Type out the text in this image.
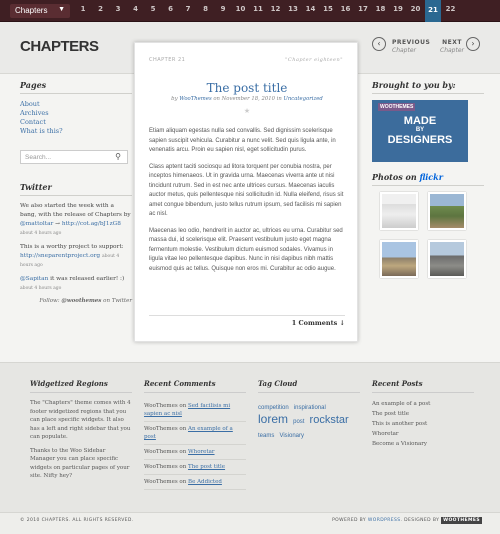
Chapters ▼	1	2	3	4	5	6	7	8	9	10	11	12	13	14	15	16	17	18	19	20	21	22
CHAPTERS	‹	PREVIOUS
Chapter
NEXT
Chapter
›
Pages
About
Archives
Contact
What is this?
Search...	⚲
Twitter

We also started the week with a bang, with the release of Chapters by @mattoltar → http://cot.ag/bJ1zG8 about 4 hours ago

This is a worthy project to support: http://sneparentproject.org about 4 hours ago

@Sapitan it was released earlier! :) about 4 hours ago

Follow: @woothemes on Twitter
CHAPTER 21	"Chapter eighteen"
The post title
by WooThemes on November 18, 2010 in Uncategorized
★

Etiam aliquam egestas nulla sed convallis. Sed dignissim scelerisque sapien suscipit vehicula. Curabitur a nunc velit. Sed quis ligula ante, in venenatis arcu. Proin eu sapien nisl, eget sollicitudin purus.

Class aptent taciti sociosqu ad litora torquent per conubia nostra, per inceptos himenaeos. Ut in gravida urna. Maecenas viverra ante ut nisi tincidunt rutrum. Sed in est nec ante ultrices cursus. Maecenas iaculis auctor metus, quis pellentesque nisi sollicitudin id. Nulla eleifend, risus sit amet congue bibendum, justo tellus rutrum ipsum, sed facilisis mi sapien ac nisl.

Maecenas leo odio, hendrerit in auctor ac, ultrices eu urna. Curabitur sed massa dui, id scelerisque elit. Praesent vestibulum justo eget magna fermentum molestie. Vestibulum dictum euismod sodales. Vivamus in ligula vitae leo pellentesque dapibus. Nunc in nisi dapibus nibh mattis euismod quis ac tellus. Quisque non eros mi. Curabitur ac odio augue.

1 Comments ↓
Brought to you by:
WOOTHEMES
MADE
BY
DESIGNERS
Photos on flickr
Widgetized Regions

The "Chapters" theme comes with 4 footer widgetized regions that you can place specific widgets. It also has a left and right sidebar that you can populate.

Thanks to the Woo Sidebar Manager you can place specific widgets on particular pages of your site. Nifty hey?

Recent Comments
WooThemes on Sed facilisis mi sapien ac nisl
WooThemes on An example of a post
WooThemes on Whoretar
WooThemes on The post title
WooThemes on Be Addicted
Tag Cloud
competition inspirational
lorem post rockstar
teams Visionary
Recent Posts
An example of a post
The post title
This is another post
Whoretar
Become a Visionary
© 2010 CHAPTERS. ALL RIGHTS RESERVED.	POWERED BY WORDPRESS. DESIGNED BY WOOTHEMES
